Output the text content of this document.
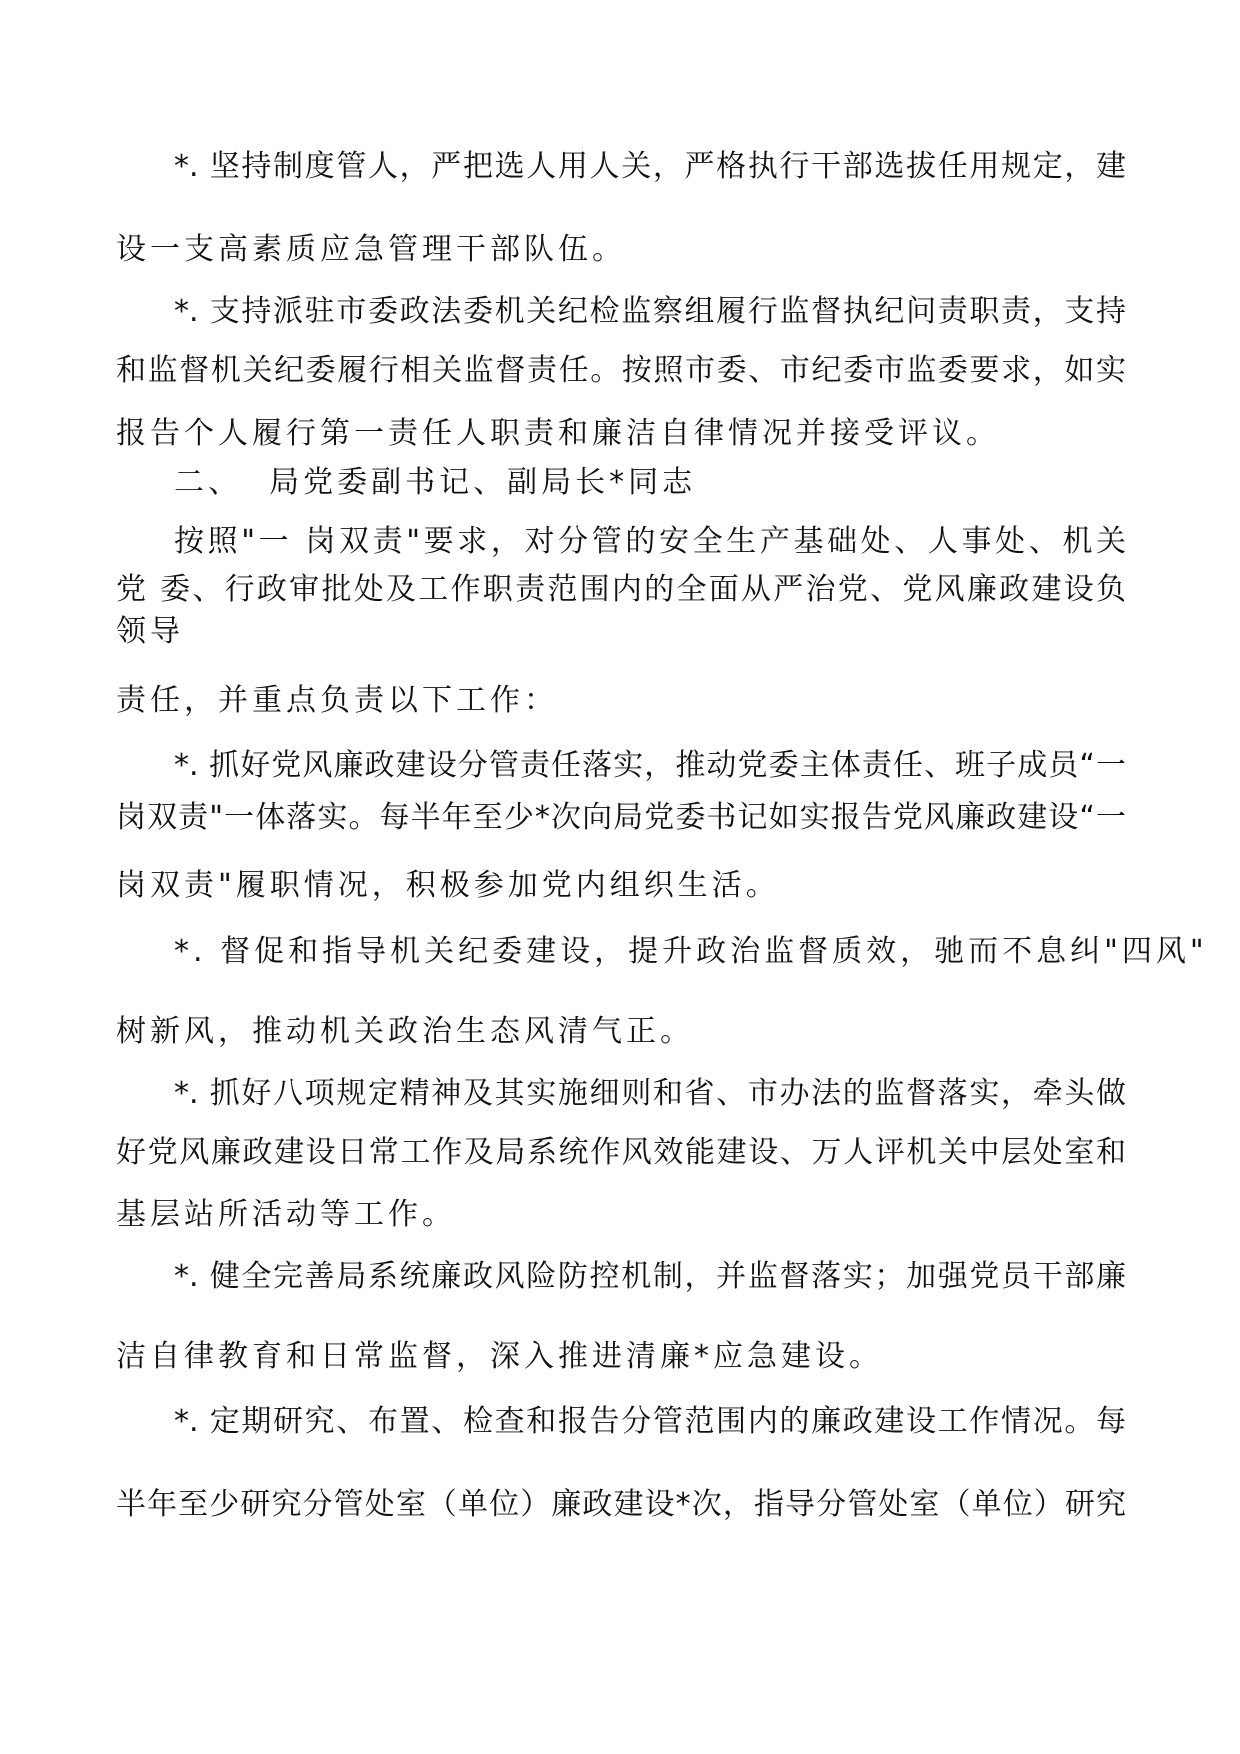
*. 坚持制度管人，严把选人用人关，严格执行干部选拔任用规定，建
设一支高素质应急管理干部队伍。
*. 支持派驻市委政法委机关纪检监察组履行监督执纪问责职责，支持
和监督机关纪委履行相关监督责任。按照市委、市纪委市监委要求，如实
报告个人履行第一责任人职责和廉洁自律情况并接受评议。
二、  局党委副书记、副局长*同志
按照"一 岗双责"要求，对分管的安全生产基础处、人事处、机关
党 委、行政审批处及工作职责范围内的全面从严治党、党风廉政建设负
领导
责任，并重点负责以下工作：
*. 抓好党风廉政建设分管责任落实，推动党委主体责任、班子成员“一
岗双责"一体落实。每半年至少*次向局党委书记如实报告党风廉政建设“一
岗双责"履职情况，积极参加党内组织生活。
*. 督促和指导机关纪委建设，提升政治监督质效，驰而不息纠"四风"
树新风，推动机关政治生态风清气正。
*. 抓好八项规定精神及其实施细则和省、市办法的监督落实，牵头做
好党风廉政建设日常工作及局系统作风效能建设、万人评机关中层处室和
基层站所活动等工作。
*. 健全完善局系统廉政风险防控机制，并监督落实；加强党员干部廉
洁自律教育和日常监督，深入推进清廉*应急建设。
*. 定期研究、布置、检查和报告分管范围内的廉政建设工作情况。每
半年至少研究分管处室（单位）廉政建设*次，指导分管处室（单位）研究
